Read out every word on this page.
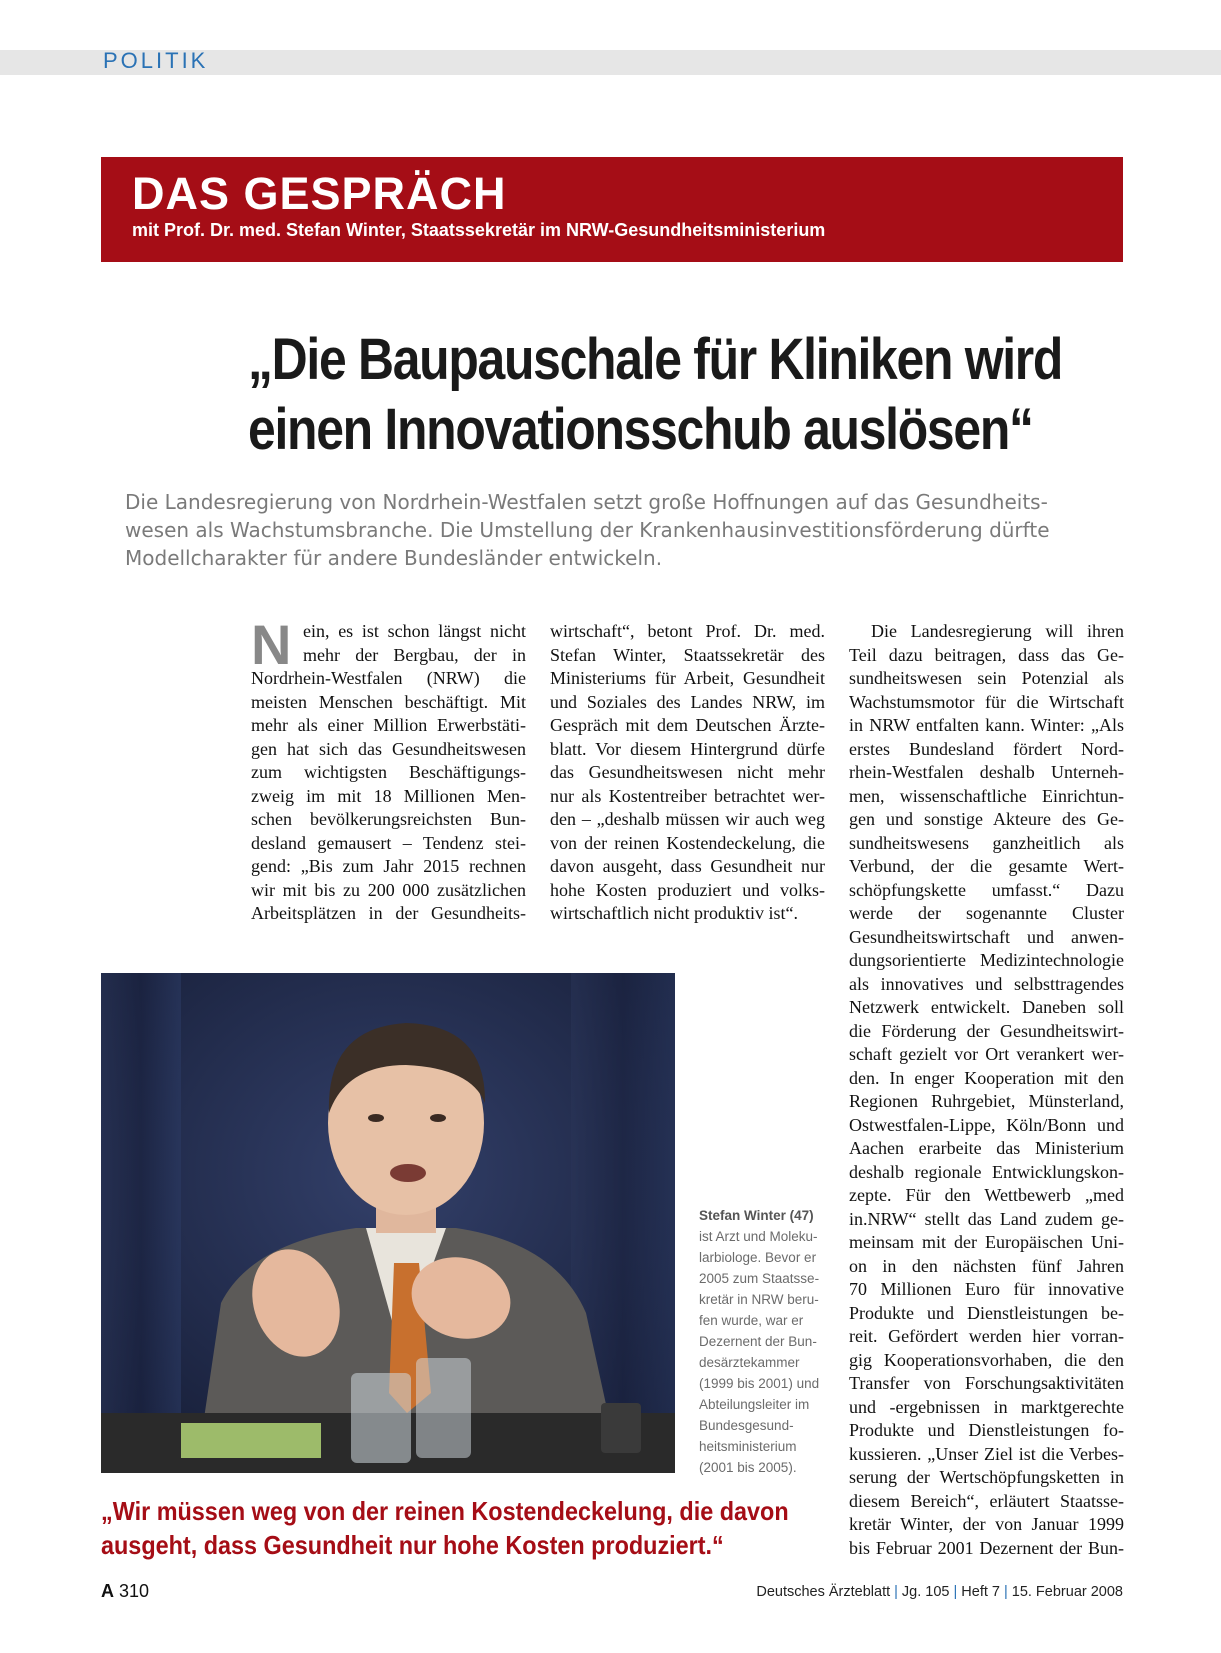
POLITIK
DAS GESPRÄCH
mit Prof. Dr. med. Stefan Winter, Staatssekretär im NRW-Gesundheitsministerium
„Die Baupauschale für Kliniken wird
einen Innovationsschub auslösen“
Die Landesregierung von Nordrhein-Westfalen setzt große Hoffnungen auf das Gesundheits-
wesen als Wachstumsbranche. Die Umstellung der Krankenhausinvestitionsförderung dürfte
Modellcharakter für andere Bundesländer entwickeln.
N ein, es ist schon längst nicht
mehr der Bergbau, der in
Nordrhein-Westfalen (NRW) die
meisten Menschen beschäftigt. Mit
mehr als einer Million Erwerbstäti-
gen hat sich das Gesundheitswesen
zum wichtigsten Beschäftigungs-
zweig im mit 18 Millionen Men-
schen bevölkerungsreichsten Bun-
desland gemausert – Tendenz stei-
gend: „Bis zum Jahr 2015 rechnen
wir mit bis zu 200 000 zusätzlichen
Arbeitsplätzen in der Gesundheits-
wirtschaft“, betont Prof. Dr. med.
Stefan Winter, Staatssekretär des
Ministeriums für Arbeit, Gesundheit
und Soziales des Landes NRW, im
Gespräch mit dem Deutschen Ärzte-
blatt. Vor diesem Hintergrund dürfe
das Gesundheitswesen nicht mehr
nur als Kostentreiber betrachtet wer-
den – „deshalb müssen wir auch weg
von der reinen Kostendeckelung, die
davon ausgeht, dass Gesundheit nur
hohe Kosten produziert und volks-
wirtschaftlich nicht produktiv ist“.
Die Landesregierung will ihren
Teil dazu beitragen, dass das Ge-
sundheitswesen sein Potenzial als
Wachstumsmotor für die Wirtschaft
in NRW entfalten kann. Winter: „Als
erstes Bundesland fördert Nord-
rhein-Westfalen deshalb Unterneh-
men, wissenschaftliche Einrichtun-
gen und sonstige Akteure des Ge-
sundheitswesens ganzheitlich als
Verbund, der die gesamte Wert-
schöpfungskette umfasst.“ Dazu
werde der sogenannte Cluster
Gesundheitswirtschaft und anwen-
dungsorientierte Medizintechnologie
als innovatives und selbsttragendes
Netzwerk entwickelt. Daneben soll
die Förderung der Gesundheitswirt-
schaft gezielt vor Ort verankert wer-
den. In enger Kooperation mit den
Regionen Ruhrgebiet, Münsterland,
Ostwestfalen-Lippe, Köln/Bonn und
Aachen erarbeite das Ministerium
deshalb regionale Entwicklungskon-
zepte. Für den Wettbewerb „med
in.NRW“ stellt das Land zudem ge-
meinsam mit der Europäischen Uni-
on in den nächsten fünf Jahren
70 Millionen Euro für innovative
Produkte und Dienstleistungen be-
reit. Gefördert werden hier vorran-
gig Kooperationsvorhaben, die den
Transfer von Forschungsaktivitäten
und -ergebnissen in marktgerechte
Produkte und Dienstleistungen fo-
kussieren. „Unser Ziel ist die Verbes-
serung der Wertschöpfungsketten in
diesem Bereich“, erläutert Staatsse-
kretär Winter, der von Januar 1999
bis Februar 2001 Dezernent der Bun-
Stefan Winter (47)
ist Arzt und Moleku-
larbiologe. Bevor er
2005 zum Staatsse-
kretär in NRW beru-
fen wurde, war er
Dezernent der Bun-
desärztekammer
(1999 bis 2001) und
Abteilungsleiter im
Bundesgesund-
heitsministerium
(2001 bis 2005).
„Wir müssen weg von der reinen Kostendeckelung, die davon
ausgeht, dass Gesundheit nur hohe Kosten produziert.“
A 310	Deutsches Ärzteblatt | Jg. 105 | Heft 7 | 15. Februar 2008
